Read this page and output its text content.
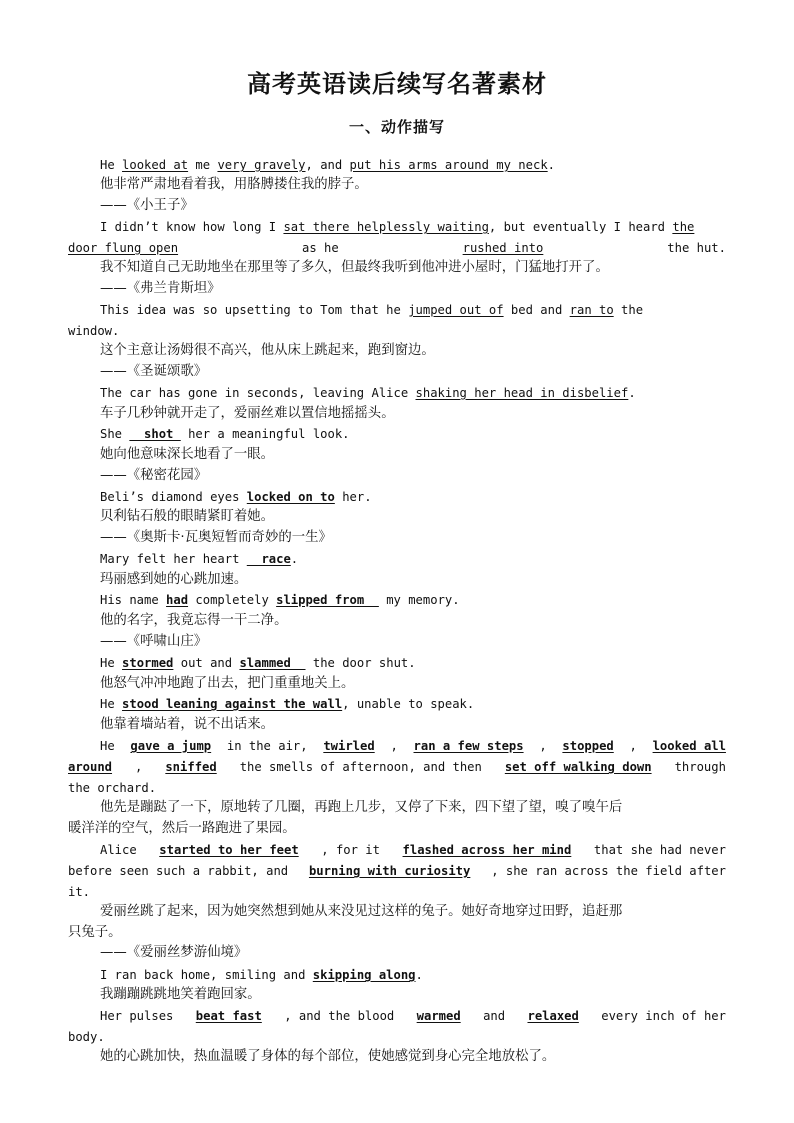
高考英语读后续写名著素材
一、动作描写
He looked at me very gravely, and put his arms around my neck.
他非常严肃地看着我，用胳膊搂住我的脖子。
——《小王子》
I didn’t know how long I sat there helplessly waiting, but eventually I heard the
door flung open	as he	rushed into	the hut.
我不知道自己无助地坐在那里等了多久，但最终我听到他冲进小屋时，门猛地打开了。
——《弗兰肯斯坦》
This idea was so upsetting to Tom that he jumped out of bed and ran to the
window.
这个主意让汤姆很不高兴，他从床上跳起来，跑到窗边。
——《圣诞颂歌》
The car has gone in seconds, leaving Alice shaking her head in disbelief.
车子几秒钟就开走了，爱丽丝难以置信地摇摇头。
She   shot  her a meaningful look.
她向他意味深长地看了一眼。
——《秘密花园》
Beli’s diamond eyes locked on to her.
贝利钻石般的眼睛紧盯着她。
——《奥斯卡·瓦奥短暂而奇妙的一生》
Mary felt her heart   race.
玛丽感到她的心跳加速。
His name had completely slipped from   my memory.
他的名字，我竟忘得一干二净。
——《呼啸山庄》
He stormed out and slammed   the door shut.
他怒气冲冲地跑了出去，把门重重地关上。
He stood leaning against the wall, unable to speak.
他靠着墙站着，说不出话来。
He gave a jump in the air, twirled , ran a few steps , stopped , looked all
around , sniffed the smells of afternoon, and then set off walking down through
the orchard.
他先是蹦跶了一下，原地转了几圈，再跑上几步，又停了下来，四下望了望，嗅了嗅午后
暖洋洋的空气，然后一路跑进了果园。
Alice started to her feet , for it flashed across her mind that she had never
before seen such a rabbit, and burning with curiosity , she ran across the field after
it.
爱丽丝跳了起来，因为她突然想到她从来没见过这样的兔子。她好奇地穿过田野，追赶那
只兔子。
——《爱丽丝梦游仙境》
I ran back home, smiling and skipping along.
我蹦蹦跳跳地笑着跑回家。
Her pulses beat fast , and the blood warmed and relaxed every inch of her
body.
她的心跳加快，热血温暖了身体的每个部位，使她感觉到身心完全地放松了。
